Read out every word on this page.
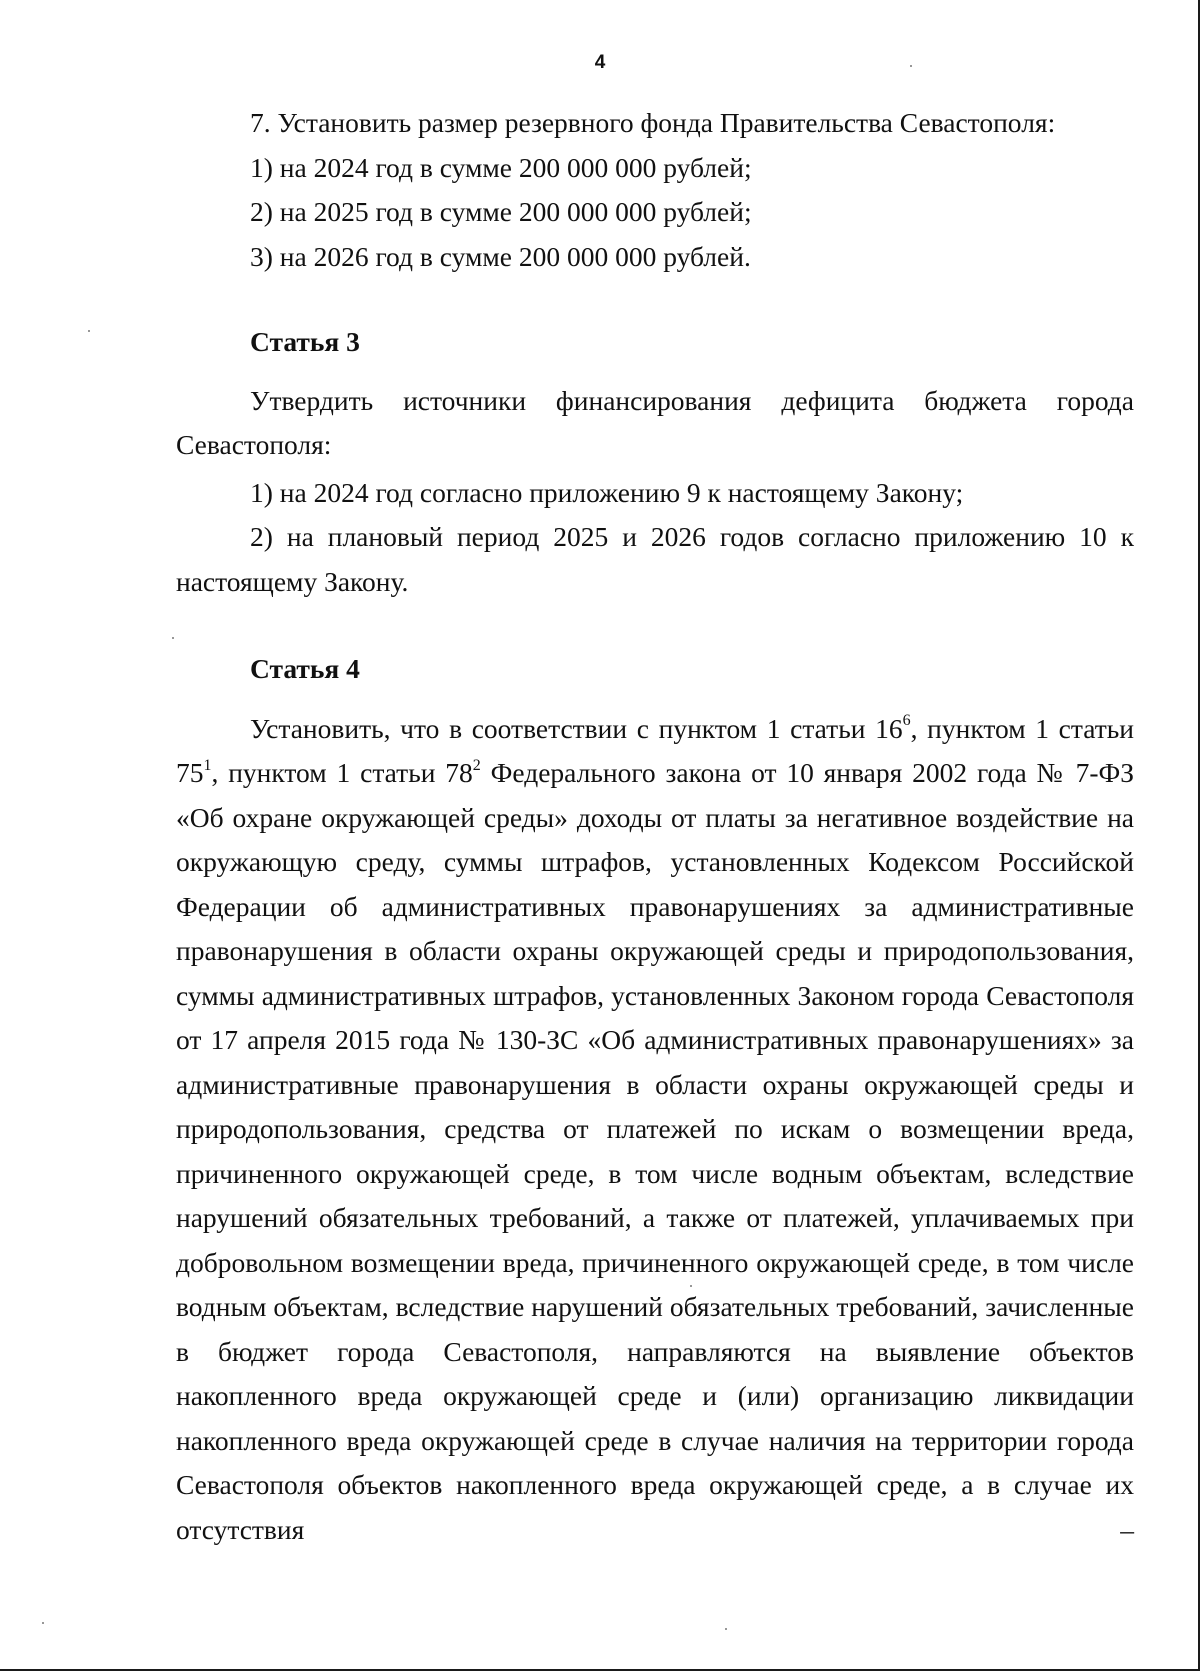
4

7. Установить размер резервного фонда Правительства Севастополя:

1) на 2024 год в сумме 200 000 000 рублей;

2) на 2025 год в сумме 200 000 000 рублей;

3) на 2026 год в сумме 200 000 000 рублей.

Статья 3

Утвердить источники финансирования дефицита бюджета города Севастополя:

1) на 2024 год согласно приложению 9 к настоящему Закону;

2) на плановый период 2025 и 2026 годов согласно приложению 10 к настоящему Закону.

Статья 4

Установить, что в соответствии с пунктом 1 статьи $16^6$, пунктом 1 статьи $75^1$, пунктом 1 статьи $78^2$ Федерального закона от 10 января 2002 года № 7-ФЗ «Об охране окружающей среды» доходы от платы за негативное воздействие на окружающую среду, суммы штрафов, установленных Кодексом Российской Федерации об административных правонарушениях за административные правонарушения в области охраны окружающей среды и природопользования, суммы административных штрафов, установленных Законом города Севастополя от 17 апреля 2015 года № 130-ЗС «Об административных правонарушениях» за административные правонарушения в области охраны окружающей среды и природопользования, средства от платежей по искам о возмещении вреда, причиненного окружающей среде, в том числе водным объектам, вследствие нарушений обязательных требований, а также от платежей, уплачиваемых при добровольном возмещении вреда, причиненного окружающей среде, в том числе водным объектам, вследствие нарушений обязательных требований, зачисленные в бюджет города Севастополя, направляются на выявление объектов накопленного вреда окружающей среде и (или) организацию ликвидации накопленного вреда окружающей среде в случае наличия на территории города Севастополя объектов накопленного вреда окружающей среде, а в случае их отсутствия –
